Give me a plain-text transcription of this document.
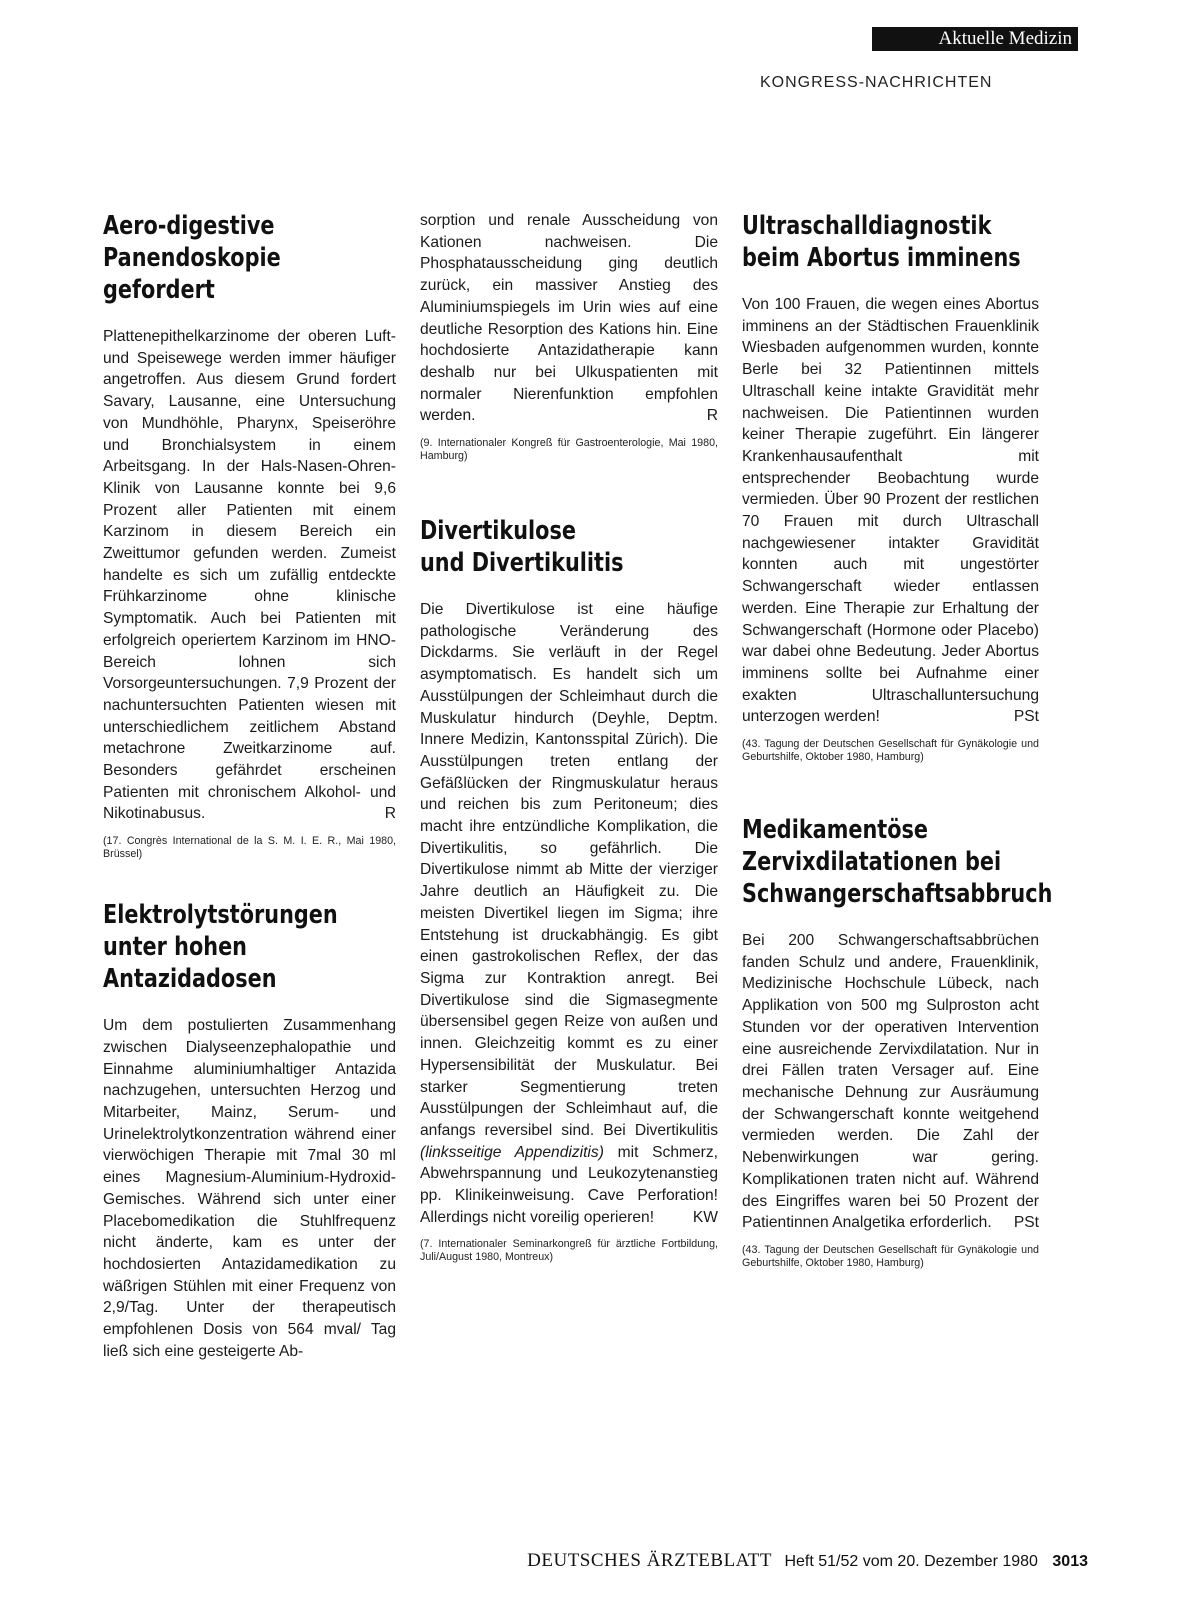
Aktuelle Medizin
KONGRESS-NACHRICHTEN
Aero-digestive
Panendoskopie gefordert

Plattenepithelkarzinome der oberen Luft- und Speisewege werden immer häufiger angetroffen. Aus diesem Grund fordert Savary, Lausanne, eine Untersuchung von Mundhöhle, Pharynx, Speiseröhre und Bronchialsystem in einem Arbeitsgang. In der Hals-Nasen-Ohren-Klinik von Lausanne konnte bei 9,6 Prozent aller Patienten mit einem Karzinom in diesem Bereich ein Zweittumor gefunden werden. Zumeist handelte es sich um zufällig entdeckte Frühkarzinome ohne klinische Symptomatik. Auch bei Patienten mit erfolgreich operiertem Karzinom im HNO-Bereich lohnen sich Vorsorgeuntersuchungen. 7,9 Prozent der nachuntersuchten Patienten wiesen mit unterschiedlichem zeitlichem Abstand metachrone Zweitkarzinome auf. Besonders gefährdet erscheinen Patienten mit chronischem Alkohol- und Nikotinabusus.	R

(17. Congrès International de la S. M. I. E. R., Mai 1980, Brüssel)

Elektrolytstörungen
unter hohen
Antazidadosen

Um dem postulierten Zusammenhang zwischen Dialyseenzephalopathie und Einnahme aluminiumhaltiger Antazida nachzugehen, untersuchten Herzog und Mitarbeiter, Mainz, Serum- und Urinelektrolytkonzentration während einer vierwöchigen Therapie mit 7mal 30 ml eines Magnesium-Aluminium-Hydroxid-Gemisches. Während sich unter einer Placebomedikation die Stuhlfrequenz nicht änderte, kam es unter der hochdosierten Antazidamedikation zu wäßrigen Stühlen mit einer Frequenz von 2,9/Tag. Unter der therapeutisch empfohlenen Dosis von 564 mval/ Tag ließ sich eine gesteigerte Ab-

sorption und renale Ausscheidung von Kationen nachweisen. Die Phosphatausscheidung ging deutlich zurück, ein massiver Anstieg des Aluminiumspiegels im Urin wies auf eine deutliche Resorption des Kations hin. Eine hochdosierte Antazidatherapie kann deshalb nur bei Ulkuspatienten mit normaler Nierenfunktion empfohlen werden.	R

(9. Internationaler Kongreß für Gastroenterologie, Mai 1980, Hamburg)

Divertikulose
und Divertikulitis

Die Divertikulose ist eine häufige pathologische Veränderung des Dickdarms. Sie verläuft in der Regel asymptomatisch. Es handelt sich um Ausstülpungen der Schleimhaut durch die Muskulatur hindurch (Deyhle, Deptm. Innere Medizin, Kantonsspital Zürich). Die Ausstülpungen treten entlang der Gefäßlücken der Ringmuskulatur heraus und reichen bis zum Peritoneum; dies macht ihre entzündliche Komplikation, die Divertikulitis, so gefährlich. Die Divertikulose nimmt ab Mitte der vierziger Jahre deutlich an Häufigkeit zu. Die meisten Divertikel liegen im Sigma; ihre Entstehung ist druckabhängig. Es gibt einen gastrokolischen Reflex, der das Sigma zur Kontraktion anregt. Bei Divertikulose sind die Sigmasegmente übersensibel gegen Reize von außen und innen. Gleichzeitig kommt es zu einer Hypersensibilität der Muskulatur. Bei starker Segmentierung treten Ausstülpungen der Schleimhaut auf, die anfangs reversibel sind. Bei Divertikulitis (linksseitige Appendizitis) mit Schmerz, Abwehrspannung und Leukozytenanstieg pp. Klinikeinweisung. Cave Perforation! Allerdings nicht voreilig operieren! KW

(7. Internationaler Seminarkongreß für ärztliche Fortbildung, Juli/August 1980, Montreux)

Ultraschalldiagnostik
beim Abortus imminens

Von 100 Frauen, die wegen eines Abortus imminens an der Städtischen Frauenklinik Wiesbaden aufgenommen wurden, konnte Berle bei 32 Patientinnen mittels Ultraschall keine intakte Gravidität mehr nachweisen. Die Patientinnen wurden keiner Therapie zugeführt. Ein längerer Krankenhausaufenthalt mit entsprechender Beobachtung wurde vermieden. Über 90 Prozent der restlichen 70 Frauen mit durch Ultraschall nachgewiesener intakter Gravidität konnten auch mit ungestörter Schwangerschaft wieder entlassen werden. Eine Therapie zur Erhaltung der Schwangerschaft (Hormone oder Placebo) war dabei ohne Bedeutung. Jeder Abortus imminens sollte bei Aufnahme einer exakten Ultraschalluntersuchung unterzogen werden!	PSt

(43. Tagung der Deutschen Gesellschaft für Gynäkologie und Geburtshilfe, Oktober 1980, Hamburg)

Medikamentöse
Zervixdilatationen bei
Schwangerschaftsabbruch

Bei 200 Schwangerschaftsabbrüchen fanden Schulz und andere, Frauenklinik, Medizinische Hochschule Lübeck, nach Applikation von 500 mg Sulproston acht Stunden vor der operativen Intervention eine ausreichende Zervixdilatation. Nur in drei Fällen traten Versager auf. Eine mechanische Dehnung zur Ausräumung der Schwangerschaft konnte weitgehend vermieden werden. Die Zahl der Nebenwirkungen war gering. Komplikationen traten nicht auf. Während des Eingriffes waren bei 50 Prozent der Patientinnen Analgetika erforderlich. PSt

(43. Tagung der Deutschen Gesellschaft für Gynäkologie und Geburtshilfe, Oktober 1980, Hamburg)

DEUTSCHES ÄRZTEBLATT Heft 51/52 vom 20. Dezember 1980 3013
